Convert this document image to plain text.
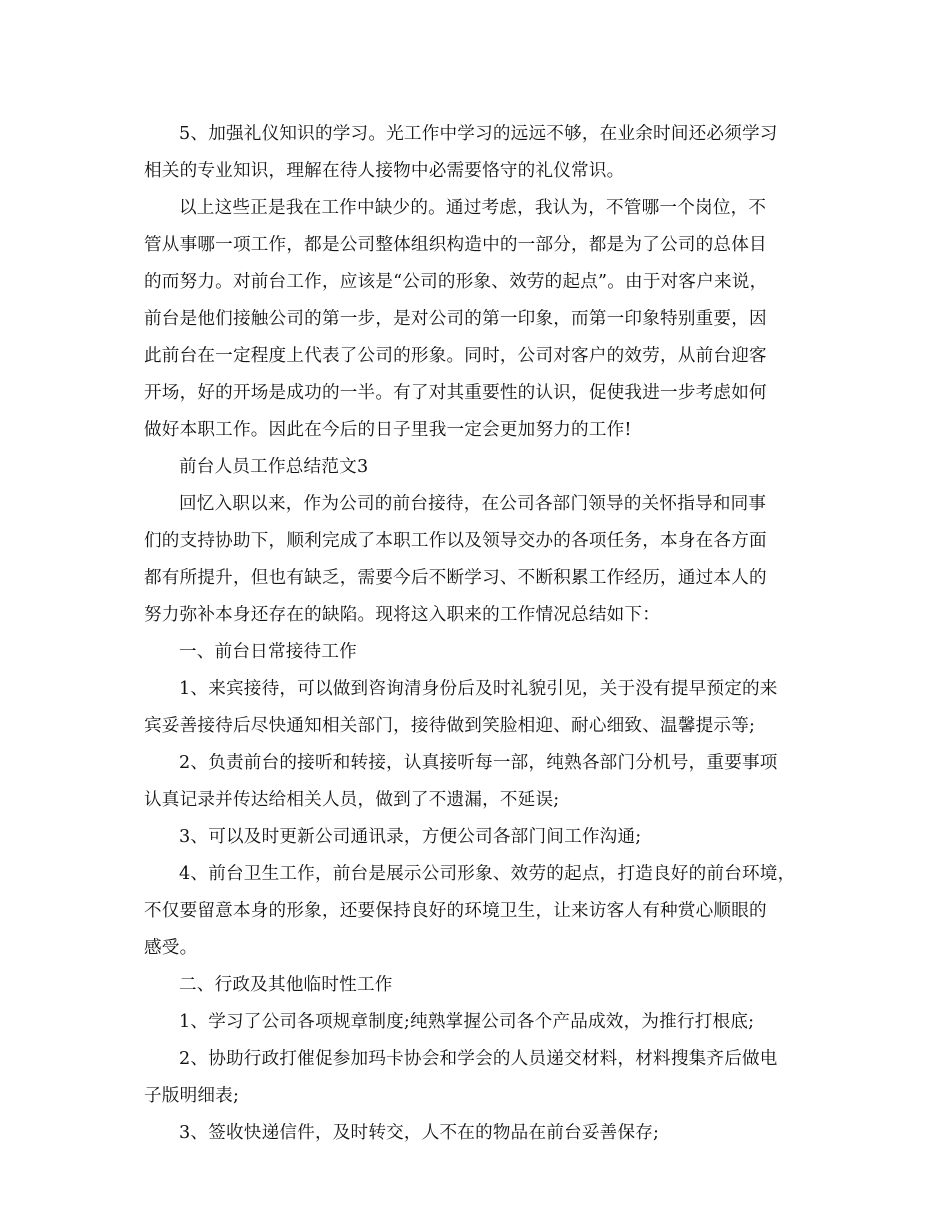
5、加强礼仪知识的学习。光工作中学习的远远不够，在业余时间还必须学习
相关的专业知识，理解在待人接物中必需要恪守的礼仪常识。
以上这些正是我在工作中缺少的。通过考虑，我认为，不管哪一个岗位，不
管从事哪一项工作，都是公司整体组织构造中的一部分，都是为了公司的总体目
的而努力。对前台工作，应该是“公司的形象、效劳的起点”。由于对客户来说，
前台是他们接触公司的第一步，是对公司的第一印象，而第一印象特别重要，因
此前台在一定程度上代表了公司的形象。同时，公司对客户的效劳，从前台迎客
开场，好的开场是成功的一半。有了对其重要性的认识，促使我进一步考虑如何
做好本职工作。因此在今后的日子里我一定会更加努力的工作!
前台人员工作总结范文3
回忆入职以来，作为公司的前台接待，在公司各部门领导的关怀指导和同事
们的支持协助下，顺利完成了本职工作以及领导交办的各项任务，本身在各方面
都有所提升，但也有缺乏，需要今后不断学习、不断积累工作经历，通过本人的
努力弥补本身还存在的缺陷。现将这入职来的工作情况总结如下：
一、前台日常接待工作
1、来宾接待，可以做到咨询清身份后及时礼貌引见，关于没有提早预定的来
宾妥善接待后尽快通知相关部门，接待做到笑脸相迎、耐心细致、温馨提示等;
2、负责前台的接听和转接，认真接听每一部，纯熟各部门分机号，重要事项
认真记录并传达给相关人员，做到了不遗漏，不延误;
3、可以及时更新公司通讯录，方便公司各部门间工作沟通;
4、前台卫生工作，前台是展示公司形象、效劳的起点，打造良好的前台环境，
不仅要留意本身的形象，还要保持良好的环境卫生，让来访客人有种赏心顺眼的
感受。
二、行政及其他临时性工作
1、学习了公司各项规章制度;纯熟掌握公司各个产品成效，为推行打根底;
2、协助行政打催促参加玛卡协会和学会的人员递交材料，材料搜集齐后做电
子版明细表;
3、签收快递信件，及时转交，人不在的物品在前台妥善保存;
